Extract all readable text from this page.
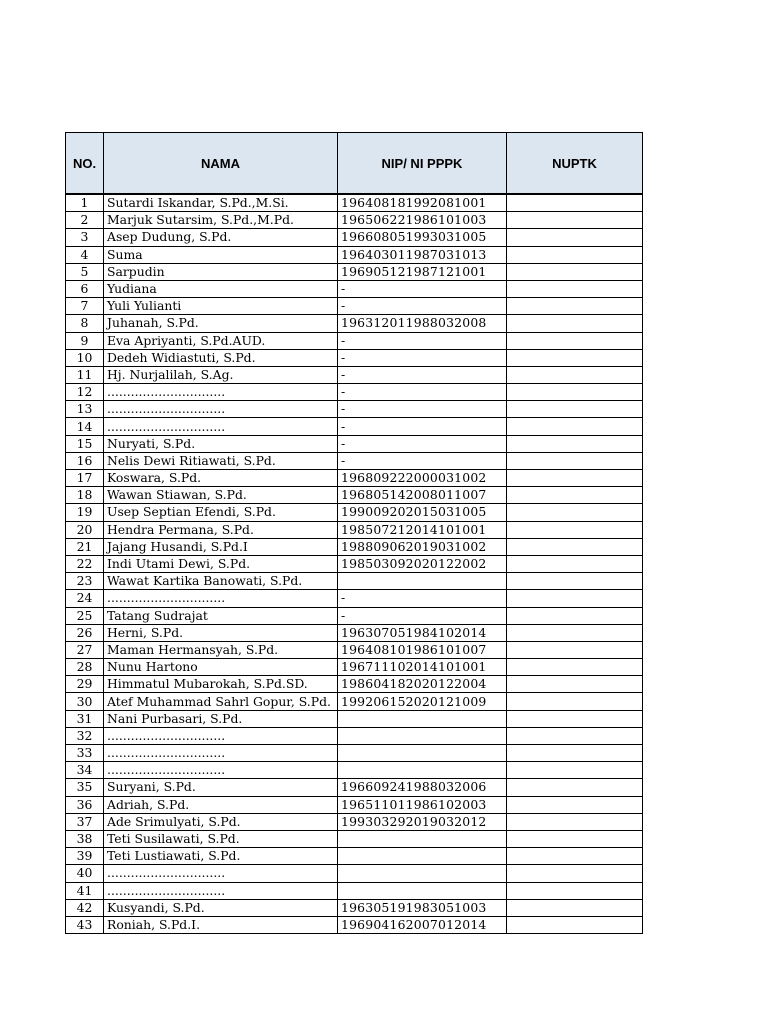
NO.	NAMA	NIP/ NI PPPK	NUPTK
1	Sutardi Iskandar, S.Pd.,M.Si.	196408181992081001	
2	Marjuk Sutarsim, S.Pd.,M.Pd.	196506221986101003	
3	Asep Dudung, S.Pd.	196608051993031005	
4	Suma	196403011987031013	
5	Sarpudin	196905121987121001	
6	Yudiana	-	
7	Yuli Yulianti	-	
8	Juhanah, S.Pd.	196312011988032008	
9	Eva Apriyanti, S.Pd.AUD.	-	
10	Dedeh Widiastuti, S.Pd.	-	
11	Hj. Nurjalilah, S.Ag.	-	
12	..............................	-	
13	..............................	-	
14	..............................	-	
15	Nuryati, S.Pd.	-	
16	Nelis Dewi Ritiawati, S.Pd.	-	
17	Koswara, S.Pd.	196809222000031002	
18	Wawan Stiawan, S.Pd.	196805142008011007	
19	Usep Septian Efendi, S.Pd.	199009202015031005	
20	Hendra Permana, S.Pd.	198507212014101001	
21	Jajang Husandi, S.Pd.I	198809062019031002	
22	Indi Utami Dewi, S.Pd.	198503092020122002	
23	Wawat Kartika Banowati, S.Pd.		
24	..............................	-	
25	Tatang Sudrajat	-	
26	Herni, S.Pd.	196307051984102014	
27	Maman Hermansyah, S.Pd.	196408101986101007	
28	Nunu Hartono	196711102014101001	
29	Himmatul Mubarokah, S.Pd.SD.	198604182020122004	
30	Atef Muhammad Sahrl Gopur, S.Pd.	199206152020121009	
31	Nani Purbasari, S.Pd.		
32	..............................		
33	..............................		
34	..............................		
35	Suryani, S.Pd.	196609241988032006	
36	Adriah, S.Pd.	196511011986102003	
37	Ade Srimulyati, S.Pd.	199303292019032012	
38	Teti Susilawati, S.Pd.		
39	Teti Lustiawati, S.Pd.		
40	..............................		
41	..............................		
42	Kusyandi, S.Pd.	196305191983051003	
43	Roniah, S.Pd.I.	196904162007012014	
